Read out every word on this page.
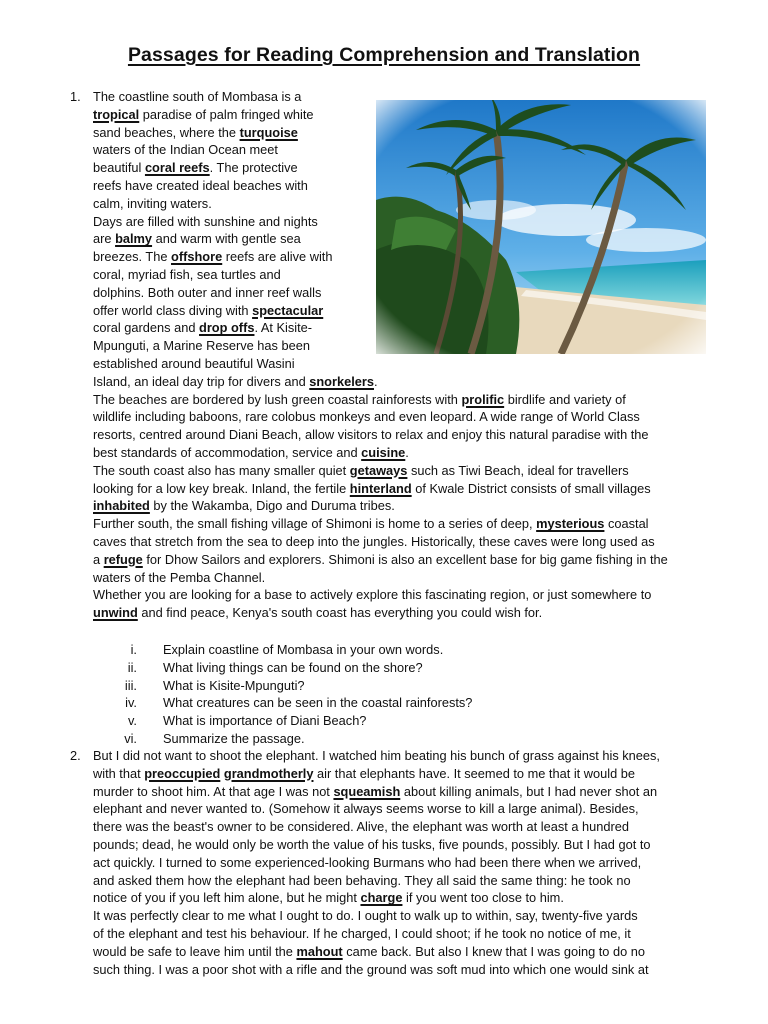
Passages for Reading Comprehension and Translation
1. The coastline south of Mombasa is a
tropical paradise of palm fringed white
sand beaches, where the turquoise
waters of the Indian Ocean meet
beautiful coral reefs. The protective
reefs have created ideal beaches with
calm, inviting waters.
Days are filled with sunshine and nights
are balmy and warm with gentle sea
breezes. The offshore reefs are alive with
coral, myriad fish, sea turtles and
dolphins. Both outer and inner reef walls
offer world class diving with spectacular
coral gardens and drop offs. At Kisite-
Mpunguti, a Marine Reserve has been
established around beautiful Wasini
Island, an ideal day trip for divers and snorkelers.
The beaches are bordered by lush green coastal rainforests with prolific birdlife and variety of
wildlife including baboons, rare colobus monkeys and even leopard. A wide range of World Class
resorts, centred around Diani Beach, allow visitors to relax and enjoy this natural paradise with the
best standards of accommodation, service and cuisine.
The south coast also has many smaller quiet getaways such as Tiwi Beach, ideal for travellers
looking for a low key break. Inland, the fertile hinterland of Kwale District consists of small villages
inhabited by the Wakamba, Digo and Duruma tribes.
Further south, the small fishing village of Shimoni is home to a series of deep, mysterious coastal
caves that stretch from the sea to deep into the jungles. Historically, these caves were long used as
a refuge for Dhow Sailors and explorers. Shimoni is also an excellent base for big game fishing in the
waters of the Pemba Channel.
Whether you are looking for a base to actively explore this fascinating region, or just somewhere to
unwind and find peace, Kenya's south coast has everything you could wish for.
i. Explain coastline of Mombasa in your own words.
ii. What living things can be found on the shore?
iii. What is Kisite-Mpunguti?
iv. What creatures can be seen in the coastal rainforests?
v. What is importance of Diani Beach?
vi. Summarize the passage.
2. But I did not want to shoot the elephant. I watched him beating his bunch of grass against his knees,
with that preoccupied grandmotherly air that elephants have. It seemed to me that it would be
murder to shoot him. At that age I was not squeamish about killing animals, but I had never shot an
elephant and never wanted to. (Somehow it always seems worse to kill a large animal). Besides,
there was the beast's owner to be considered. Alive, the elephant was worth at least a hundred
pounds; dead, he would only be worth the value of his tusks, five pounds, possibly. But I had got to
act quickly. I turned to some experienced-looking Burmans who had been there when we arrived,
and asked them how the elephant had been behaving. They all said the same thing: he took no
notice of you if you left him alone, but he might charge if you went too close to him.
It was perfectly clear to me what I ought to do. I ought to walk up to within, say, twenty-five yards
of the elephant and test his behaviour. If he charged, I could shoot; if he took no notice of me, it
would be safe to leave him until the mahout came back. But also I knew that I was going to do no
such thing. I was a poor shot with a rifle and the ground was soft mud into which one would sink at
